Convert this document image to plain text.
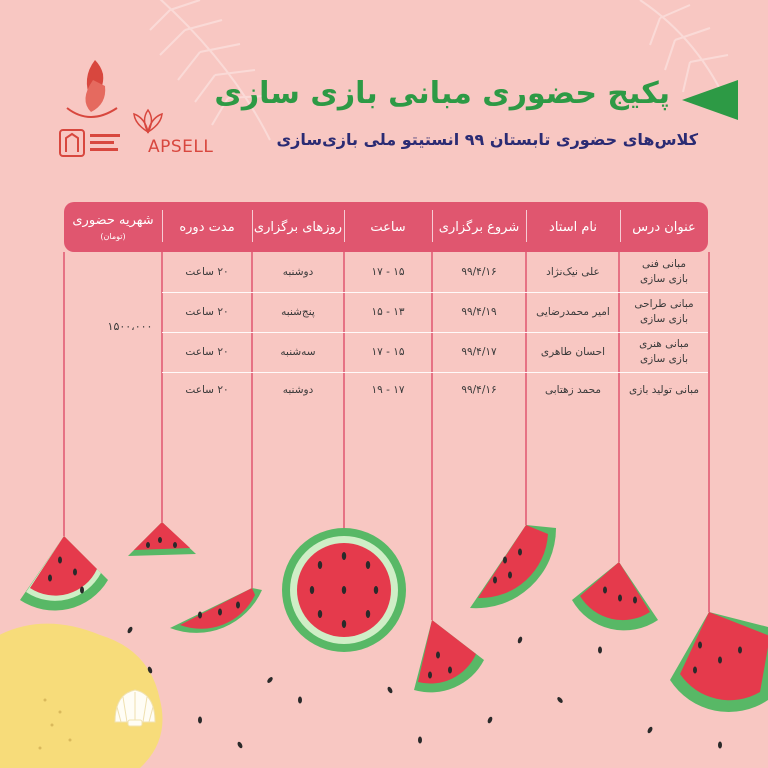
APSELL
پکیج حضوری مبانی بازی سازی
کلاس‌های حضوری تابستان ۹۹ انستیتو ملی بازی‌سازی
عنوان درس
نام استاد
شروع برگزاری
ساعت
روزهای برگزاری
مدت دوره
شهریه حضوری
(تومان)
مبانی فنی
بازی سازی
علی نیک‌نژاد
۹۹/۴/۱۶
۱۵ - ۱۷
دوشنبه
۲۰ ساعت
مبانی طراحی
بازی سازی
امیر محمدرضایی
۹۹/۴/۱۹
۱۳ - ۱۵
پنج‌شنبه
۲۰ ساعت
مبانی هنری
بازی سازی
احسان طاهری
۹۹/۴/۱۷
۱۵ - ۱۷
سه‌شنبه
۲۰ ساعت
مبانی تولید بازی
محمد زهتابی
۹۹/۴/۱۶
۱۷ - ۱۹
دوشنبه
۲۰ ساعت
۱۵۰۰،۰۰۰
